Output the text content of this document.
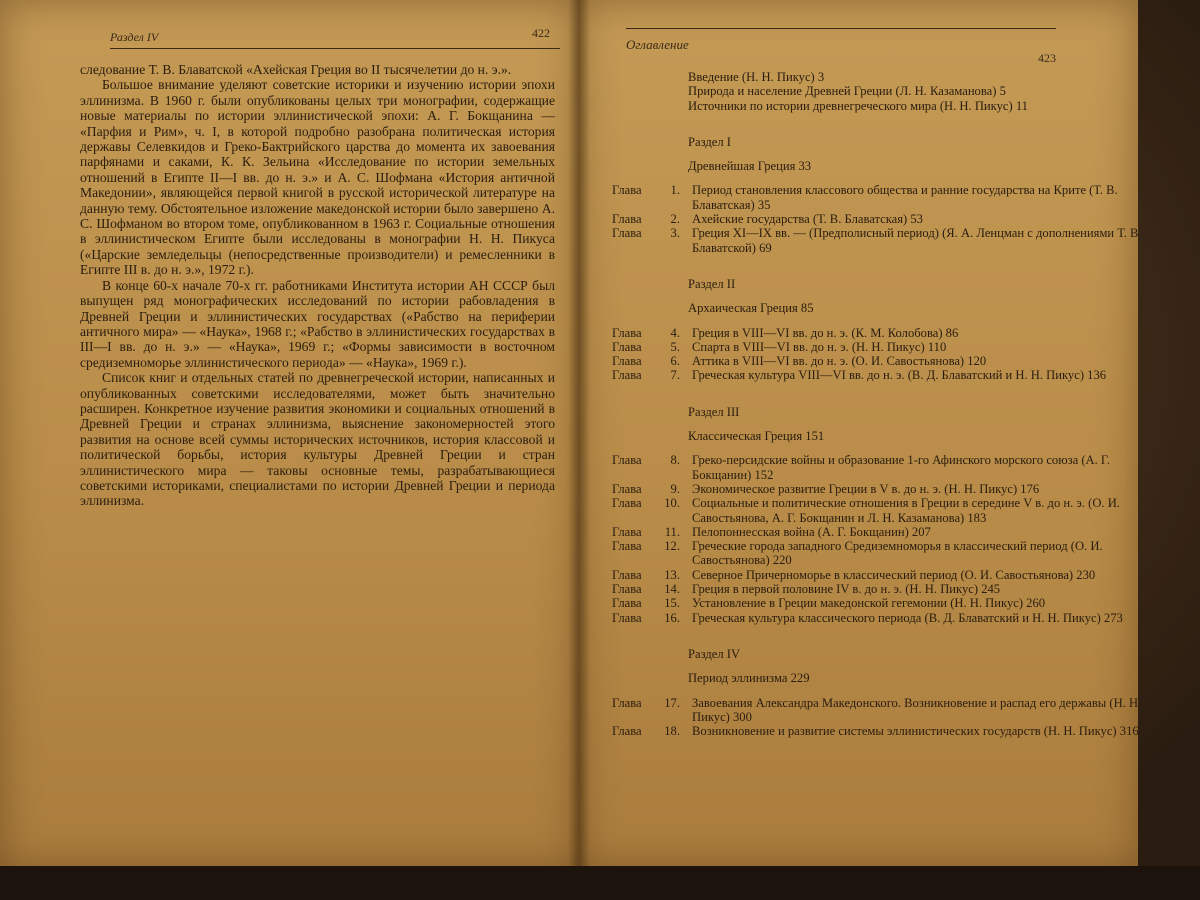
Раздел IV	422

следование Т. В. Блаватской «Ахейская Греция во II тысячелетии до н. э.».

Большое внимание уделяют советские историки и изучению истории эпохи эллинизма. В 1960 г. были опубликованы целых три монографии, содержащие новые материалы по истории эллинистической эпохи: А. Г. Бокщанина — «Парфия и Рим», ч. I, в которой подробно разобрана политическая история державы Селевкидов и Греко-Бактрийского царства до момента их завоевания парфянами и саками, К. К. Зельина «Исследование по истории земельных отношений в Египте II—I вв. до н. э.» и А. С. Шофмана «История античной Македонии», являющейся первой книгой в русской исторической литературе на данную тему. Обстоятельное изложение македонской истории было завершено А. С. Шофманом во втором томе, опубликованном в 1963 г. Социальные отношения в эллинистическом Египте были исследованы в монографии Н. Н. Пикуса («Царские земледельцы (непосредственные производители) и ремесленники в Египте III в. до н. э.», 1972 г.).

В конце 60-х начале 70-х гг. работниками Института истории АН СССР был выпущен ряд монографических исследований по истории рабовладения в Древней Греции и эллинистических государствах («Рабство на периферии античного мира» — «Наука», 1968 г.; «Рабство в эллинистических государствах в III—I вв. до н. э.» — «Наука», 1969 г.; «Формы зависимости в восточном средиземноморье эллинистического периода» — «Наука», 1969 г.).

Список книг и отдельных статей по древнегреческой истории, написанных и опубликованных советскими исследователями, может быть значительно расширен. Конкретное изучение развития экономики и социальных отношений в Древней Греции и странах эллинизма, выяснение закономерностей этого развития на основе всей суммы исторических источников, история классовой и политической борьбы, история культуры Древней Греции и стран эллинистического мира — таковы основные темы, разрабатывающиеся советскими историками, специалистами по истории Древней Греции и периода эллинизма.

Оглавление
423
Введение (Н. Н. Пикус) 3
Природа и население Древней Греции (Л. Н. Казаманова) 5
Источники по истории древнегреческого мира (Н. Н. Пикус) 11
Раздел I
Древнейшая Греция 33
Глава 1. Период становления классового общества и ранние государства на Крите (Т. В. Блаватская) 35
Глава 2. Ахейские государства (Т. В. Блаватская) 53
Глава 3. Греция XI—IX вв. — (Предполисный период) (Я. А. Ленцман с дополнениями Т. В. Блаватской) 69
Раздел II
Архаическая Греция 85
Глава 4. Греция в VIII—VI вв. до н. э. (К. М. Колобова) 86
Глава 5. Спарта в VIII—VI вв. до н. э. (Н. Н. Пикус) 110
Глава 6. Аттика в VIII—VI вв. до н. э. (О. И. Савостьянова) 120
Глава 7. Греческая культура VIII—VI вв. до н. э. (В. Д. Блаватский и Н. Н. Пикус) 136
Раздел III
Классическая Греция 151
Глава 8. Греко-персидские войны и образование 1-го Афинского морского союза (А. Г. Бокщанин) 152
Глава 9. Экономическое развитие Греции в V в. до н. э. (Н. Н. Пикус) 176
Глава 10. Социальные и политические отношения в Греции в середине V в. до н. э. (О. И. Савостьянова, А. Г. Бокщанин и Л. Н. Казаманова) 183
Глава 11. Пелопоннесская война (А. Г. Бокщанин) 207
Глава 12. Греческие города западного Средиземноморья в классический период (О. И. Савостьянова) 220
Глава 13. Северное Причерноморье в классический период (О. И. Савостьянова) 230
Глава 14. Греция в первой половине IV в. до н. э. (Н. Н. Пикус) 245
Глава 15. Установление в Греции македонской гегемонии (Н. Н. Пикус) 260
Глава 16. Греческая культура классического периода (В. Д. Блаватский и Н. Н. Пикус) 273
Раздел IV
Период эллинизма 229
Глава 17. Завоевания Александра Македонского. Возникновение и распад его державы (Н. Н. Пикус) 300
Глава 18. Возникновение и развитие системы эллинистических государств (Н. Н. Пикус) 316
